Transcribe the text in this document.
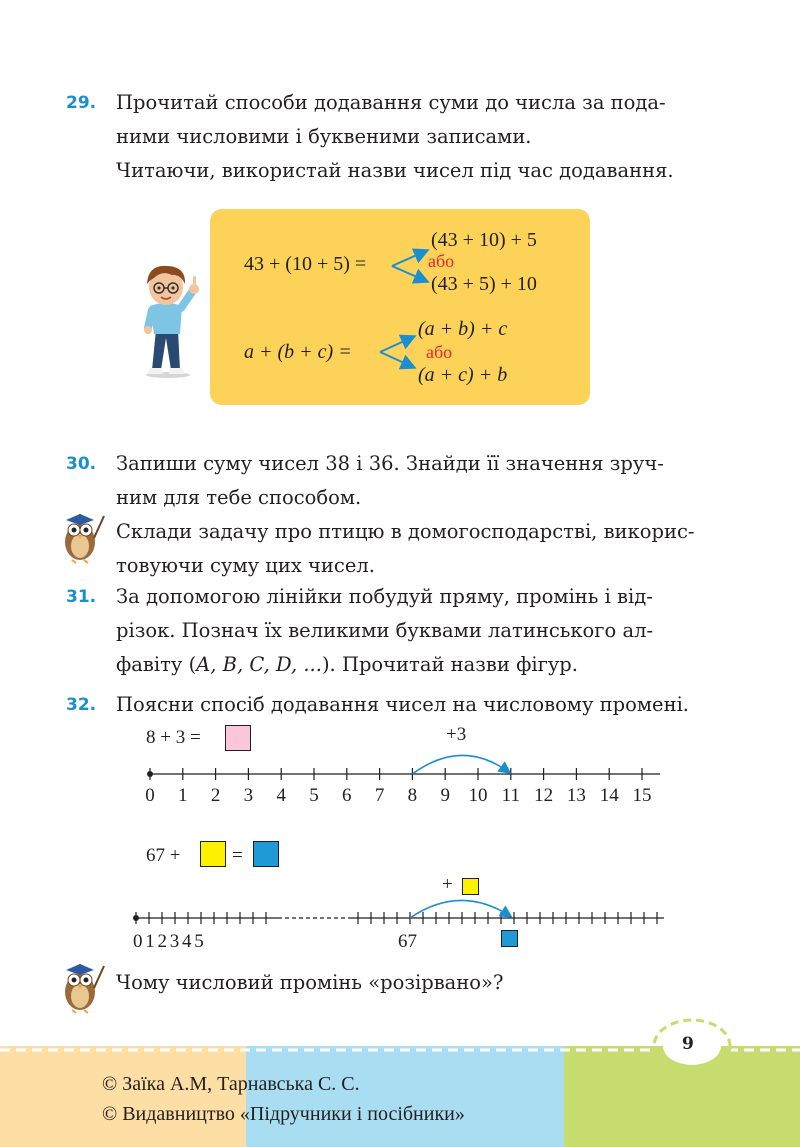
29. Прочитай способи додавання суми до числа за пода-
ними числовими і буквеними записами.
Читаючи, використай назви чисел під час додавання.
43 + (10 + 5) =
(43 + 10) + 5
або
(43 + 5) + 10
a + (b + c) =
(a + b) + c
або
(a + c) + b
30. Запиши суму чисел 38 і 36. Знайди її значення зруч-
ним для тебе способом.
Склади задачу про птицю в домогосподарстві, викорис-
товуючи суму цих чисел.
31. За допомогою лінійки побудуй пряму, промінь і від-
різок. Познач їх великими буквами латинського ал-
фавіту (A, B, C, D, ...). Прочитай назви фігур.
32. Поясни спосіб додавання чисел на числовому промені.
8 + 3 =	+3
0 1 2 3 4 5 6 7 8 9 10 11 12 13 14 15
67 +	=
+
0 1 2 3 4 5	67
Чому числовий промінь «розірвано»?
9
© Заїка А.М, Тарнавська С. С.
© Видавництво «Підручники і посібники»
